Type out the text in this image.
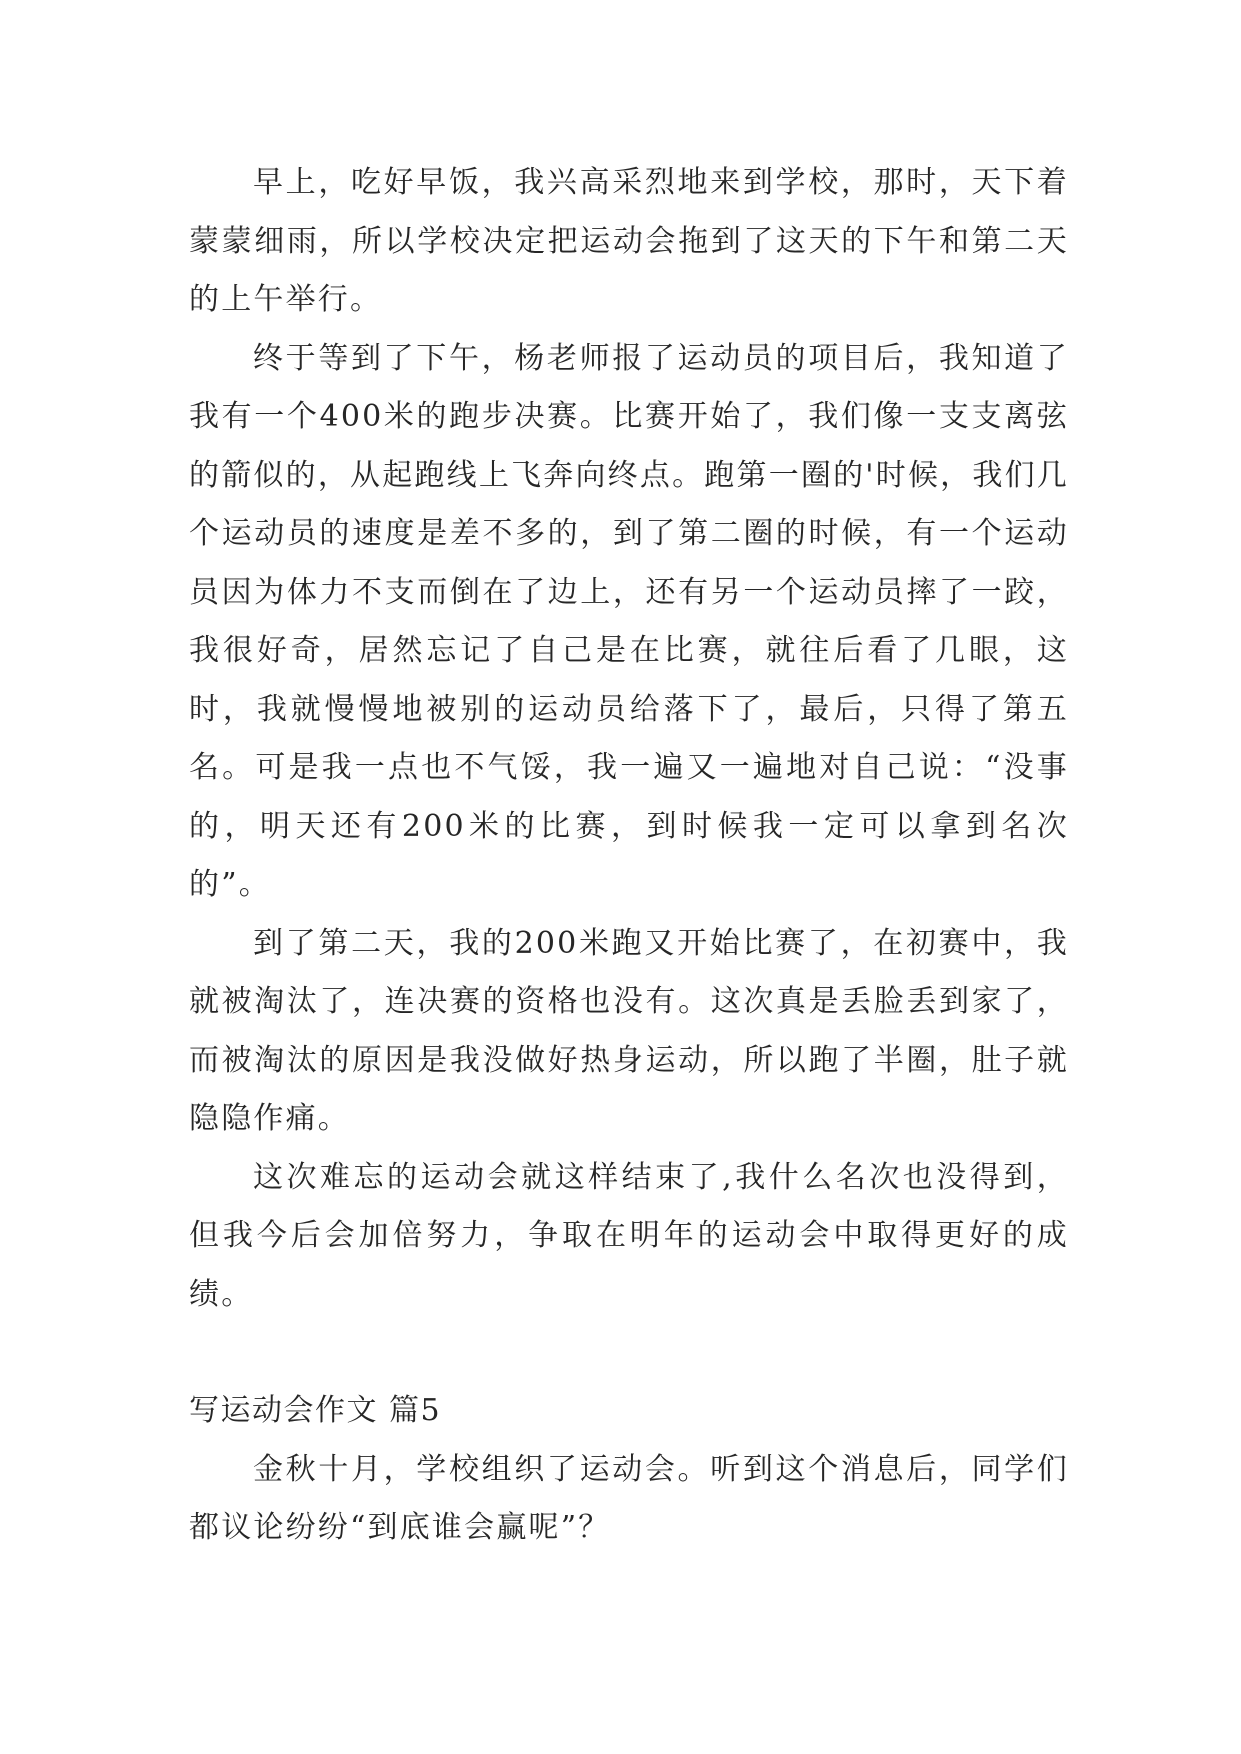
早上，吃好早饭，我兴高采烈地来到学校，那时，天下着蒙蒙细雨，所以学校决定把运动会拖到了这天的下午和第二天的上午举行。

终于等到了下午，杨老师报了运动员的项目后，我知道了我有一个400米的跑步决赛。比赛开始了，我们像一支支离弦的箭似的，从起跑线上飞奔向终点。跑第一圈的'时候，我们几个运动员的速度是差不多的，到了第二圈的时候，有一个运动员因为体力不支而倒在了边上，还有另一个运动员摔了一跤，我很好奇，居然忘记了自己是在比赛，就往后看了几眼，这时，我就慢慢地被别的运动员给落下了，最后，只得了第五名。可是我一点也不气馁，我一遍又一遍地对自己说：“没事的，明天还有200米的比赛，到时候我一定可以拿到名次的”。

到了第二天，我的200米跑又开始比赛了，在初赛中，我就被淘汰了，连决赛的资格也没有。这次真是丢脸丢到家了，而被淘汰的原因是我没做好热身运动，所以跑了半圈，肚子就隐隐作痛。

这次难忘的运动会就这样结束了,我什么名次也没得到，但我今后会加倍努力，争取在明年的运动会中取得更好的成绩。

写运动会作文 篇5

金秋十月，学校组织了运动会。听到这个消息后，同学们都议论纷纷“到底谁会赢呢”？
